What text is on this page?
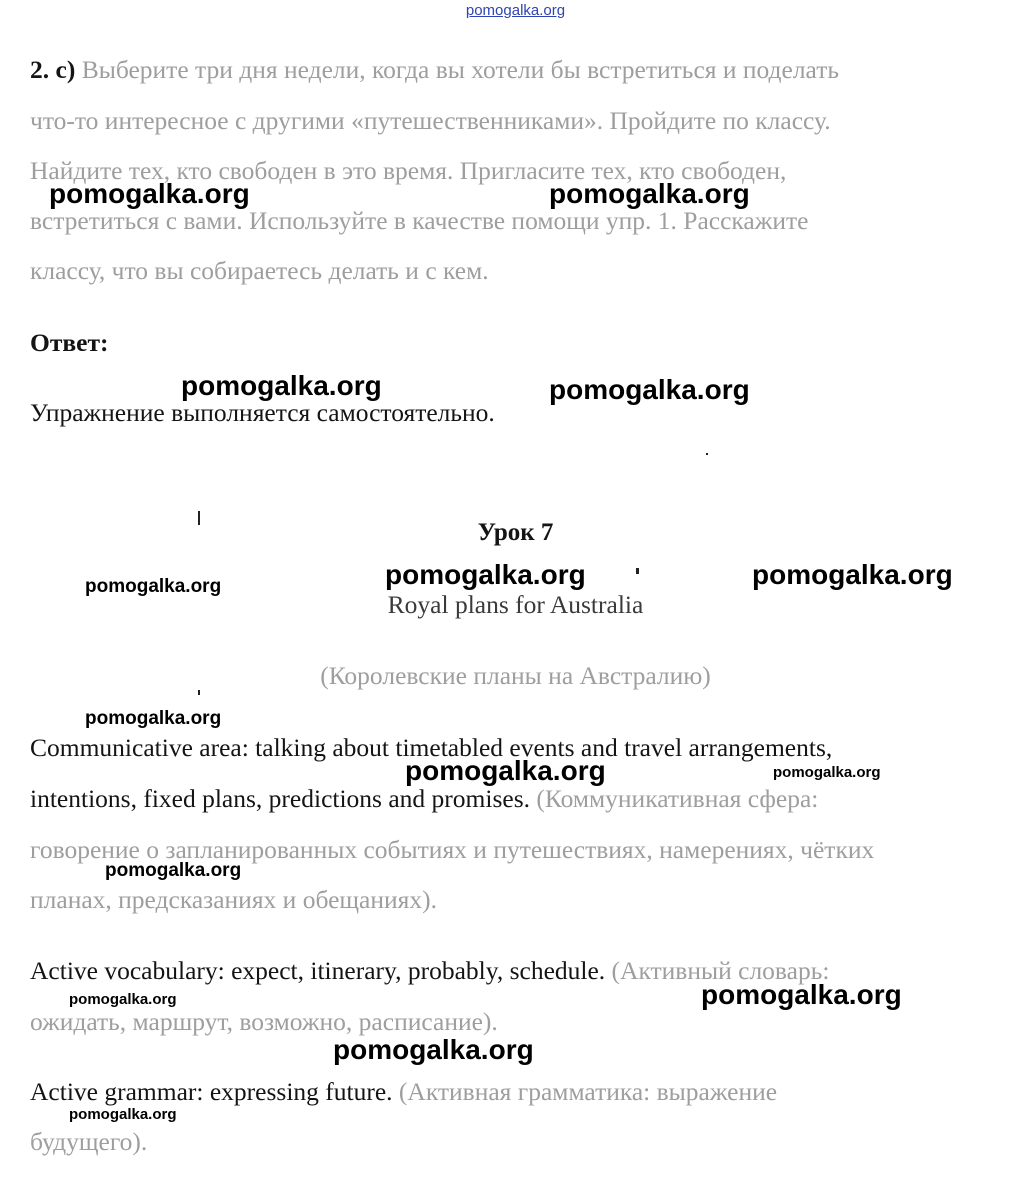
pomogalka.org
2. c) Выберите три дня недели, когда вы хотели бы встретиться и поделать
что-то интересное с другими «путешественниками». Пройдите по классу.
Найдите тех, кто свободен в это время. Пригласите тех, кто свободен,
встретиться с вами. Используйте в качестве помощи упр. 1. Расскажите
классу, что вы собираетесь делать и с кем.
Ответ:
Упражнение выполняется самостоятельно.
Урок 7
Royal plans for Australia
(Королевские планы на Австралию)
Communicative area: talking about timetabled events and travel arrangements,
intentions, fixed plans, predictions and promises. (Коммуникативная сфера:
говорение о запланированных событиях и путешествиях, намерениях, чётких
планах, предсказаниях и обещаниях).
Active vocabulary: expect, itinerary, probably, schedule. (Активный словарь:
ожидать, маршрут, возможно, расписание).
Active grammar: expressing future. (Активная грамматика: выражение
будущего).
pomogalka.org	pomogalka.org
pomogalka.org	pomogalka.org
pomogalka.org	pomogalka.org
pomogalka.org
pomogalka.org
pomogalka.org	pomogalka.org
pomogalka.org
pomogalka.org	pomogalka.org
pomogalka.org
pomogalka.org
